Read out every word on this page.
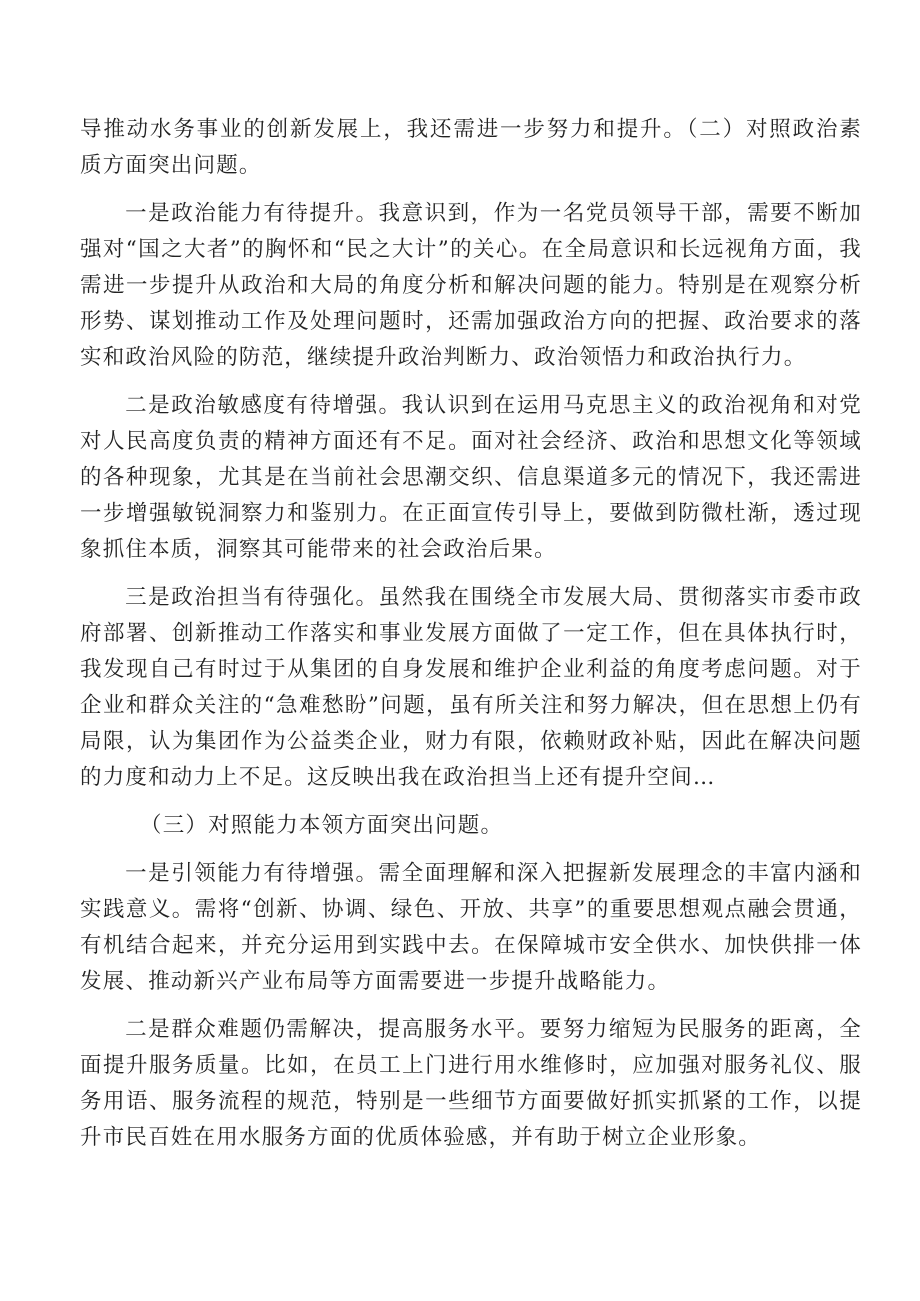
导推动水务事业的创新发展上，我还需进一步努力和提升。（二）对照政治素质方面突出问题。

一是政治能力有待提升。我意识到，作为一名党员领导干部，需要不断加强对“国之大者”的胸怀和“民之大计”的关心。在全局意识和长远视角方面，我需进一步提升从政治和大局的角度分析和解决问题的能力。特别是在观察分析形势、谋划推动工作及处理问题时，还需加强政治方向的把握、政治要求的落实和政治风险的防范，继续提升政治判断力、政治领悟力和政治执行力。

二是政治敏感度有待增强。我认识到在运用马克思主义的政治视角和对党对人民高度负责的精神方面还有不足。面对社会经济、政治和思想文化等领域的各种现象，尤其是在当前社会思潮交织、信息渠道多元的情况下，我还需进一步增强敏锐洞察力和鉴别力。在正面宣传引导上，要做到防微杜渐，透过现象抓住本质，洞察其可能带来的社会政治后果。

三是政治担当有待强化。虽然我在围绕全市发展大局、贯彻落实市委市政府部署、创新推动工作落实和事业发展方面做了一定工作，但在具体执行时，我发现自己有时过于从集团的自身发展和维护企业利益的角度考虑问题。对于企业和群众关注的“急难愁盼”问题，虽有所关注和努力解决，但在思想上仍有局限，认为集团作为公益类企业，财力有限，依赖财政补贴，因此在解决问题的力度和动力上不足。这反映出我在政治担当上还有提升空间…

（三）对照能力本领方面突出问题。

一是引领能力有待增强。需全面理解和深入把握新发展理念的丰富内涵和实践意义。需将“创新、协调、绿色、开放、共享”的重要思想观点融会贯通，有机结合起来，并充分运用到实践中去。在保障城市安全供水、加快供排一体发展、推动新兴产业布局等方面需要进一步提升战略能力。

二是群众难题仍需解决，提高服务水平。要努力缩短为民服务的距离，全面提升服务质量。比如，在员工上门进行用水维修时，应加强对服务礼仪、服务用语、服务流程的规范，特别是一些细节方面要做好抓实抓紧的工作，以提升市民百姓在用水服务方面的优质体验感，并有助于树立企业形象。
